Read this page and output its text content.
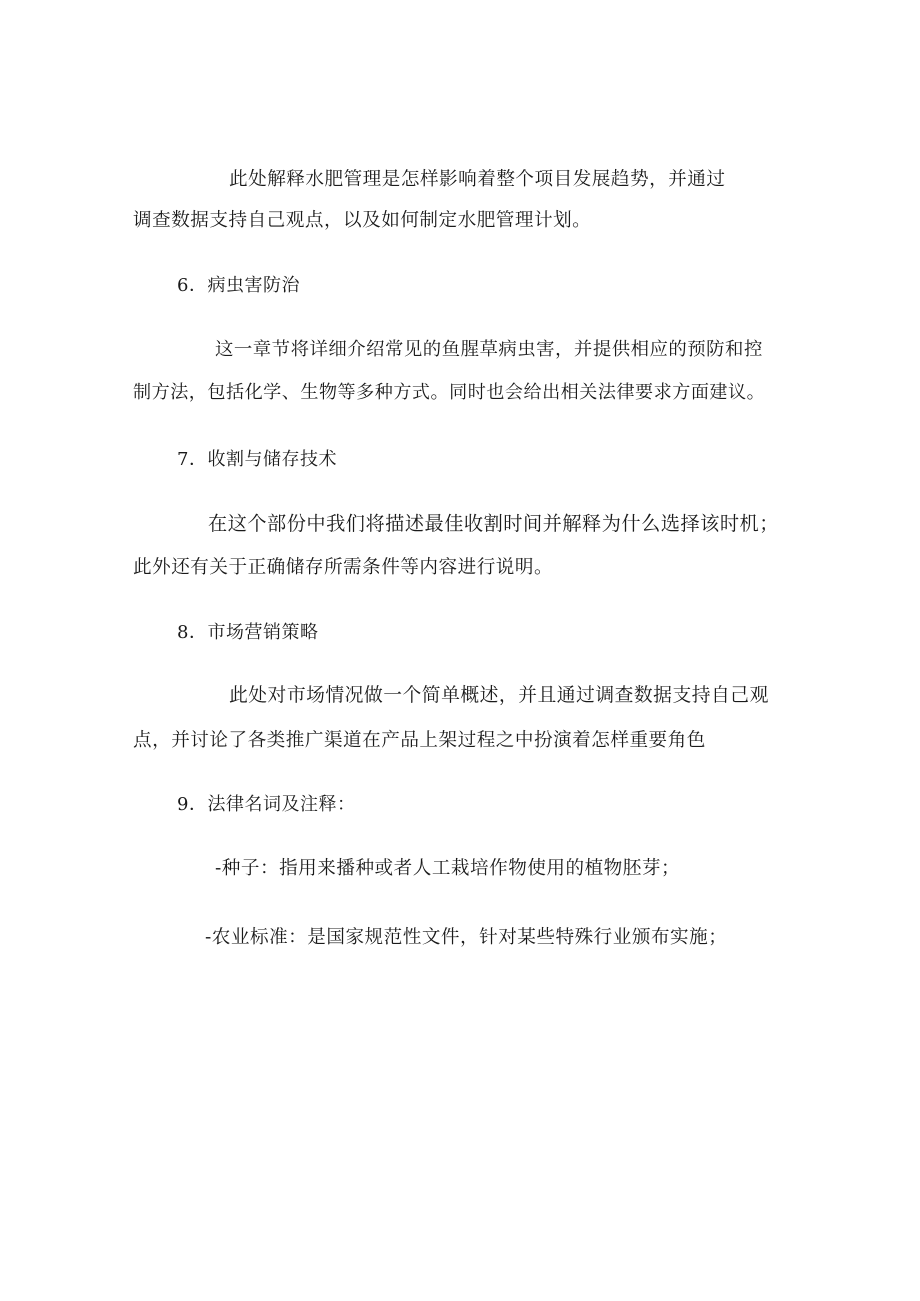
此处解释水肥管理是怎样影响着整个项目发展趋势，并通过
调查数据支持自己观点，以及如何制定水肥管理计划。
6．病虫害防治
这一章节将详细介绍常见的鱼腥草病虫害，并提供相应的预防和控
制方法，包括化学、生物等多种方式。同时也会给出相关法律要求方面建议。
7．收割与储存技术
在这个部份中我们将描述最佳收割时间并解释为什么选择该时机；
此外还有关于正确储存所需条件等内容进行说明。
8．市场营销策略
此处对市场情况做一个简单概述，并且通过调查数据支持自己观
点，并讨论了各类推广渠道在产品上架过程之中扮演着怎样重要角色
9．法律名词及注释：
-种子：指用来播种或者人工栽培作物使用的植物胚芽；
-农业标准：是国家规范性文件，针对某些特殊行业颁布实施；
